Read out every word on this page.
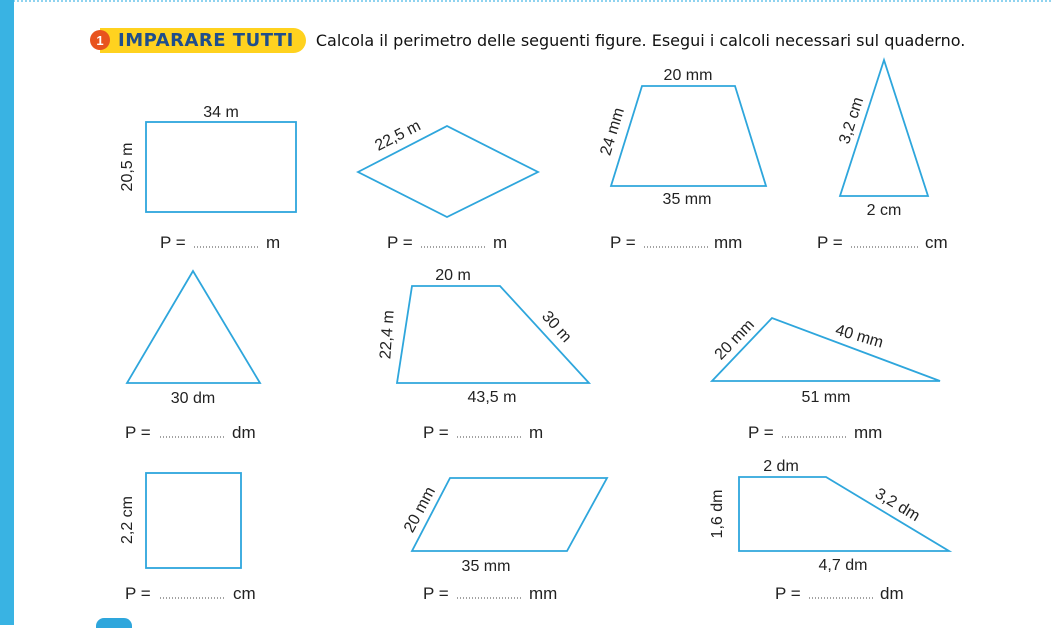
1 IMPARARE TUTTI	Calcola il perimetro delle seguenti figure. Esegui i calcoli necessari sul quaderno.
34 m
20,5 m
P =	m
22,5 m
P =	m
20 mm
24 mm
35 mm
P =	mm
3,2 cm
2 cm
P =	cm
30 dm
P =	dm
20 m
22,4 m	30 m
43,5 m
P =	m
20 mm	40 mm
51 mm
P =	mm
2,2 cm
P =	cm
20 mm
35 mm
P =	mm
2 dm
1,6 dm	3,2 dm
4,7 dm
P =	dm
